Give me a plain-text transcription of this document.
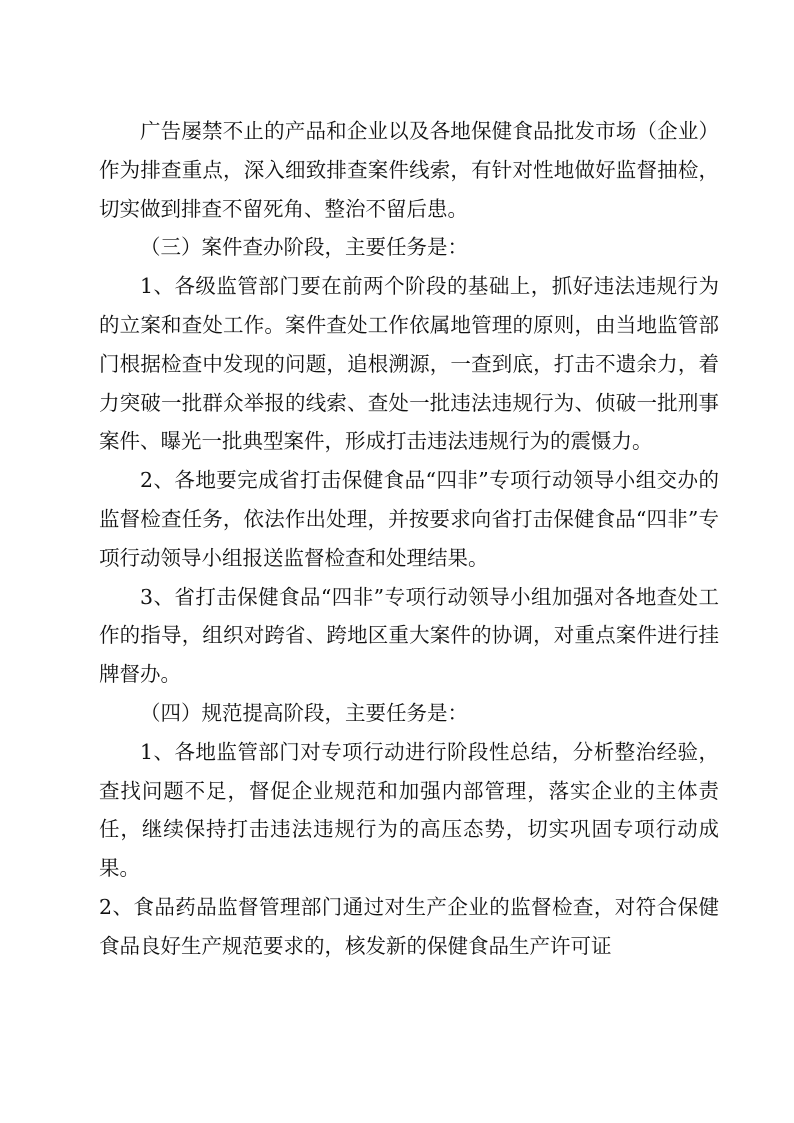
广告屡禁不止的产品和企业以及各地保健食品批发市场（企业）作为排查重点，深入细致排查案件线索，有针对性地做好监督抽检，切实做到排查不留死角、整治不留后患。

（三）案件查办阶段，主要任务是：

1、各级监管部门要在前两个阶段的基础上，抓好违法违规行为的立案和查处工作。案件查处工作依属地管理的原则，由当地监管部门根据检查中发现的问题，追根溯源，一查到底，打击不遗余力，着力突破一批群众举报的线索、查处一批违法违规行为、侦破一批刑事案件、曝光一批典型案件，形成打击违法违规行为的震慑力。

2、各地要完成省打击保健食品“四非”专项行动领导小组交办的监督检查任务，依法作出处理，并按要求向省打击保健食品“四非”专项行动领导小组报送监督检查和处理结果。

3、省打击保健食品“四非”专项行动领导小组加强对各地查处工作的指导，组织对跨省、跨地区重大案件的协调，对重点案件进行挂牌督办。

（四）规范提高阶段，主要任务是：

1、各地监管部门对专项行动进行阶段性总结，分析整治经验，查找问题不足，督促企业规范和加强内部管理，落实企业的主体责任，继续保持打击违法违规行为的高压态势，切实巩固专项行动成果。

2、食品药品监督管理部门通过对生产企业的监督检查，对符合保健食品良好生产规范要求的，核发新的保健食品生产许可证
